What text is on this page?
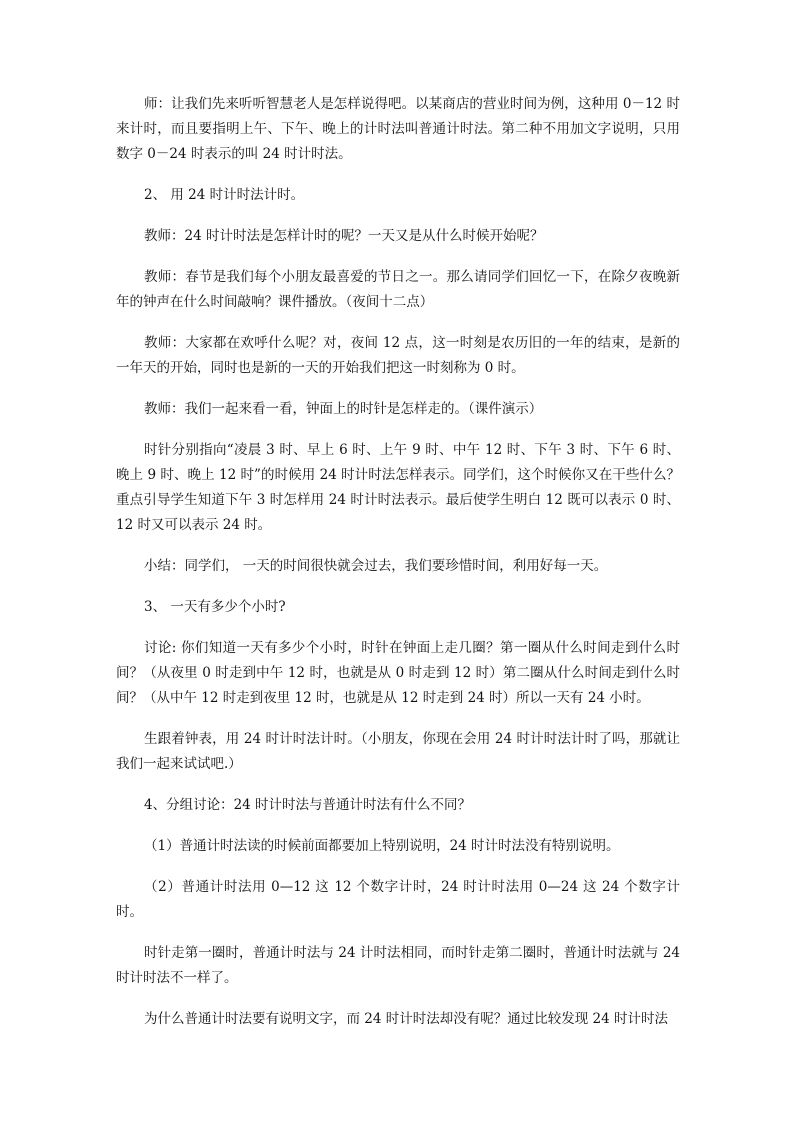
师：让我们先来听听智慧老人是怎样说得吧。以某商店的营业时间为例，这种用 0－12 时来计时，而且要指明上午、下午、晚上的计时法叫普通计时法。第二种不用加文字说明，只用数字 0－24 时表示的叫 24 时计时法。

2、 用 24 时计时法计时。

教师：24 时计时法是怎样计时的呢？一天又是从什么时候开始呢？

教师：春节是我们每个小朋友最喜爱的节日之一。那么请同学们回忆一下，在除夕夜晚新年的钟声在什么时间敲响？课件播放。（夜间十二点）

教师：大家都在欢呼什么呢？对，夜间 12 点，这一时刻是农历旧的一年的结束，是新的一年天的开始，同时也是新的一天的开始我们把这一时刻称为 0 时。

教师：我们一起来看一看，钟面上的时针是怎样走的。（课件演示）

时针分别指向“凌晨 3 时、早上 6 时、上午 9 时、中午 12 时、下午 3 时、下午 6 时、晚上 9 时、晚上 12 时”的时候用 24 时计时法怎样表示。同学们，这个时候你又在干些什么？重点引导学生知道下午 3 时怎样用 24 时计时法表示。最后使学生明白 12 既可以表示 0 时、12 时又可以表示 24 时。

小结：同学们， 一天的时间很快就会过去，我们要珍惜时间，利用好每一天。

3、 一天有多少个小时?

讨论: 你们知道一天有多少个小时，时针在钟面上走几圈？第一圈从什么时间走到什么时间？（从夜里 0 时走到中午 12 时，也就是从 0 时走到 12 时）第二圈从什么时间走到什么时间？（从中午 12 时走到夜里 12 时，也就是从 12 时走到 24 时）所以一天有 24 小时。

生跟着钟表，用 24 时计时法计时。（小朋友，你现在会用 24 时计时法计时了吗，那就让我们一起来试试吧.）

4、分组讨论：24 时计时法与普通计时法有什么不同？

（1）普通计时法读的时候前面都要加上特别说明，24 时计时法没有特别说明。

（2）普通计时法用 0—12 这 12 个数字计时，24 时计时法用 0—24 这 24 个数字计时。

时针走第一圈时，普通计时法与 24 计时法相同，而时针走第二圈时，普通计时法就与 24 时计时法不一样了。

为什么普通计时法要有说明文字，而 24 时计时法却没有呢？通过比较发现 24 时计时法
